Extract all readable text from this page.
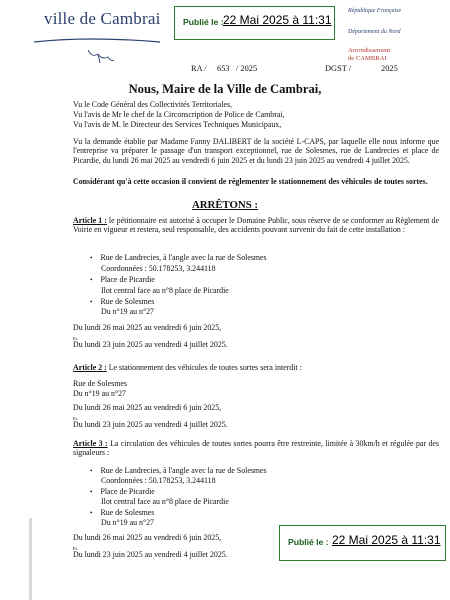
ville de Cambrai	Publié le : 22 Mai 2025 à 11:31
République Française
Département du Nord
Arrondissement
de CAMBRAI
RA / 653 / 2025	DGST /	2025
Nous, Maire de la Ville de Cambrai,
Vu le Code Général des Collectivités Territoriales,
Vu l'avis de Mr le chef de la Circonscription de Police de Cambrai,
Vu l'avis de M. le Directeur des Services Techniques Municipaux,
Vu la demande établie par Madame Fanny DALIBERT de la société L-CAPS, par laquelle elle nous informe que l'entreprise va préparer le passage d'un transport exceptionnel, rue de Solesmes, rue de Landrecies et place de Picardie, du lundi 26 mai 2025 au vendredi 6 juin 2025 et du lundi 23 juin 2025 au vendredi 4 juillet 2025.
Considérant qu'à cette occasion il convient de réglementer le stationnement des véhicules de toutes sortes.
ARRÊTONS :
Article 1 : le pétitionnaire est autorisé à occuper le Domaine Public, sous réserve de se conformer au Règlement de Voirie en vigueur et restera, seul responsable, des accidents pouvant survenir du fait de cette installation :
• Rue de Landrecies, à l'angle avec la rue de Solesmes
Coordonnées : 50.178253, 3.244118
• Place de Picardie
Ilot central face au n°8 place de Picardie
• Rue de Solesmes
Du n°19 au n°27
Du lundi 26 mai 2025 au vendredi 6 juin 2025,
Et
Du lundi 23 juin 2025 au vendredi 4 juillet 2025.
Article 2 : Le stationnement des véhicules de toutes sortes sera interdit :
Rue de Solesmes
Du n°19 au n°27
Du lundi 26 mai 2025 au vendredi 6 juin 2025,
Et
Du lundi 23 juin 2025 au vendredi 4 juillet 2025.
Article 3 : La circulation des véhicules de toutes sortes pourra être restreinte, limitée à 30km/h et régulée par des signaleurs :
• Rue de Landrecies, à l'angle avec la rue de Solesmes
Coordonnées : 50.178253, 3.244118
• Place de Picardie
Ilot central face au n°8 place de Picardie
• Rue de Solesmes
Du n°19 au n°27
Du lundi 26 mai 2025 au vendredi 6 juin 2025,
Et
Du lundi 23 juin 2025 au vendredi 4 juillet 2025.
Publié le : 22 Mai 2025 à 11:31
